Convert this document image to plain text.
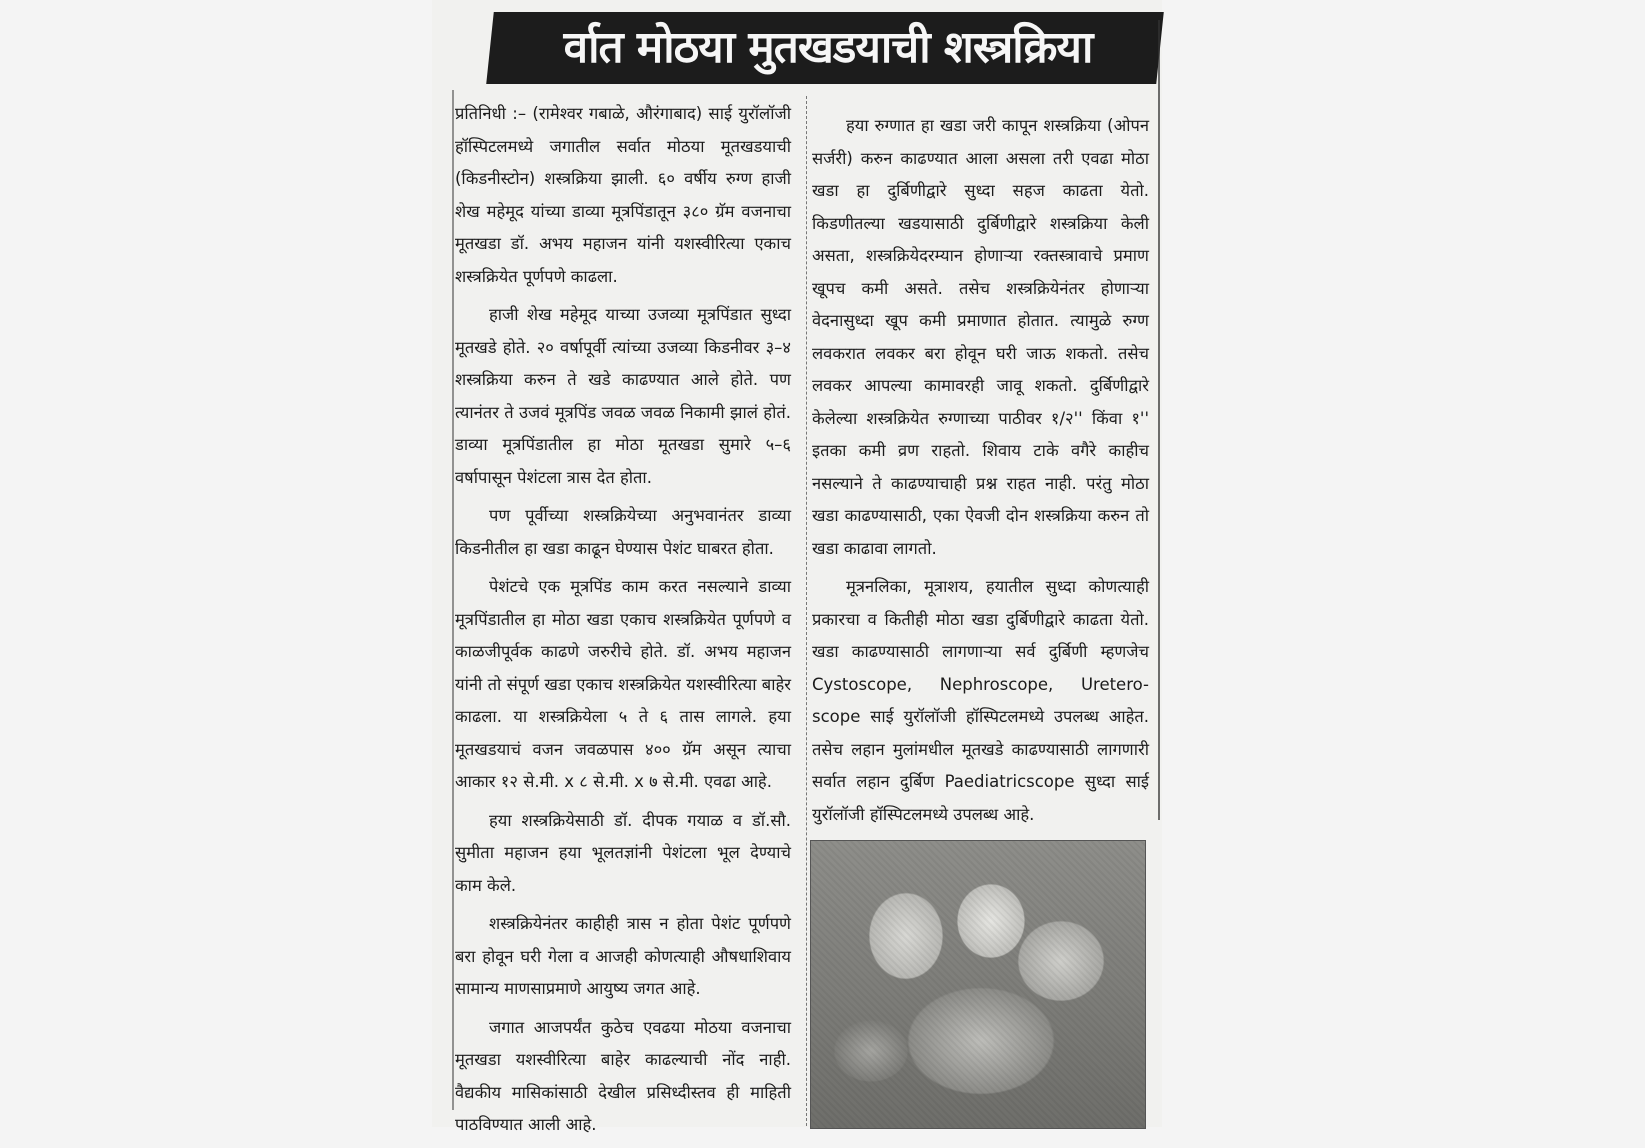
र्वात मोठया मुतखडयाची शस्त्रक्रिया

प्रतिनिधी :– (रामेश्वर गबाळे, औरंगाबाद) साई युरॉलॉजी हॉस्पिटलमध्ये जगातील सर्वात मोठया मूतखडयाची (किडनीस्टोन) शस्त्रक्रिया झाली. ६० वर्षीय रुग्ण हाजी शेख महेमूद यांच्या डाव्या मूत्रपिंडातून ३८० ग्रॅम वजनाचा मूतखडा डॉ. अभय महाजन यांनी यशस्वीरित्या एकाच शस्त्रक्रियेत पूर्णपणे काढला.

हाजी शेख महेमूद याच्या उजव्या मूत्रपिंडात सुध्दा मूतखडे होते. २० वर्षापूर्वी त्यांच्या उजव्या किडनीवर ३–४ शस्त्रक्रिया करुन ते खडे काढण्यात आले होते. पण त्यानंतर ते उजवं मूत्रपिंड जवळ जवळ निकामी झालं होतं. डाव्या मूत्रपिंडातील हा मोठा मूतखडा सुमारे ५–६ वर्षापासून पेशंटला त्रास देत होता.

पण पूर्वीच्या शस्त्रक्रियेच्या अनुभवानंतर डाव्या किडनीतील हा खडा काढून घेण्यास पेशंट घाबरत होता.

पेशंटचे एक मूत्रपिंड काम करत नसल्याने डाव्या मूत्रपिंडातील हा मोठा खडा एकाच शस्त्रक्रियेत पूर्णपणे व काळजीपूर्वक काढणे जरुरीचे होते. डॉ. अभय महाजन यांनी तो संपूर्ण खडा एकाच शस्त्रक्रियेत यशस्वीरित्या बाहेर काढला. या शस्त्रक्रियेला ५ ते ६ तास लागले. हया मूतखडयाचं वजन जवळपास ४०० ग्रॅम असून त्याचा आकार १२ से.मी. x ८ से.मी. x ७ से.मी. एवढा आहे.

हया शस्त्रक्रियेसाठी डॉ. दीपक गयाळ व डॉ.सौ. सुमीता महाजन हया भूलतज्ञांनी पेशंटला भूल देण्याचे काम केले.

शस्त्रक्रियेनंतर काहीही त्रास न होता पेशंट पूर्णपणे बरा होवून घरी गेला व आजही कोणत्याही औषधाशिवाय सामान्य माणसाप्रमाणे आयुष्य जगत आहे.

जगात आजपर्यंत कुठेच एवढया मोठया वजनाचा मूतखडा यशस्वीरित्या बाहेर काढल्याची नोंद नाही. वैद्यकीय मासिकांसाठी देखील प्रसिध्दीस्तव ही माहिती पाठविण्यात आली आहे.

हया रुग्णात हा खडा जरी कापून शस्त्रक्रिया (ओपन सर्जरी) करुन काढण्यात आला असला तरी एवढा मोठा खडा हा दुर्बिणीद्वारे सुध्दा सहज काढता येतो. किडणीतल्या खडयासाठी दुर्बिणीद्वारे शस्त्रक्रिया केली असता, शस्त्रक्रियेदरम्यान होणाऱ्या रक्तस्त्रावाचे प्रमाण खूपच कमी असते. तसेच शस्त्रक्रियेनंतर होणाऱ्या वेदनासुध्दा खूप कमी प्रमाणात होतात. त्यामुळे रुग्ण लवकरात लवकर बरा होवून घरी जाऊ शकतो. तसेच लवकर आपल्या कामावरही जावू शकतो. दुर्बिणीद्वारे केलेल्या शस्त्रक्रियेत रुग्णाच्या पाठीवर १/२'' किंवा १'' इतका कमी व्रण राहतो. शिवाय टाके वगैरे काहीच नसल्याने ते काढण्याचाही प्रश्न राहत नाही. परंतु मोठा खडा काढण्यासाठी, एका ऐवजी दोन शस्त्रक्रिया करुन तो खडा काढावा लागतो.

मूत्रनलिका, मूत्राशय, हयातील सुध्दा कोणत्याही प्रकारचा व कितीही मोठा खडा दुर्बिणीद्वारे काढता येतो. खडा काढण्यासाठी लागणाऱ्या सर्व दुर्बिणी म्हणजेच Cystoscope, Nephroscope, Uretero-scope साई युरॉलॉजी हॉस्पिटलमध्ये उपलब्ध आहेत. तसेच लहान मुलांमधील मूतखडे काढण्यासाठी लागणारी सर्वात लहान दुर्बिण Paediatricscope सुध्दा साई युरॉलॉजी हॉस्पिटलमध्ये उपलब्ध आहे.
